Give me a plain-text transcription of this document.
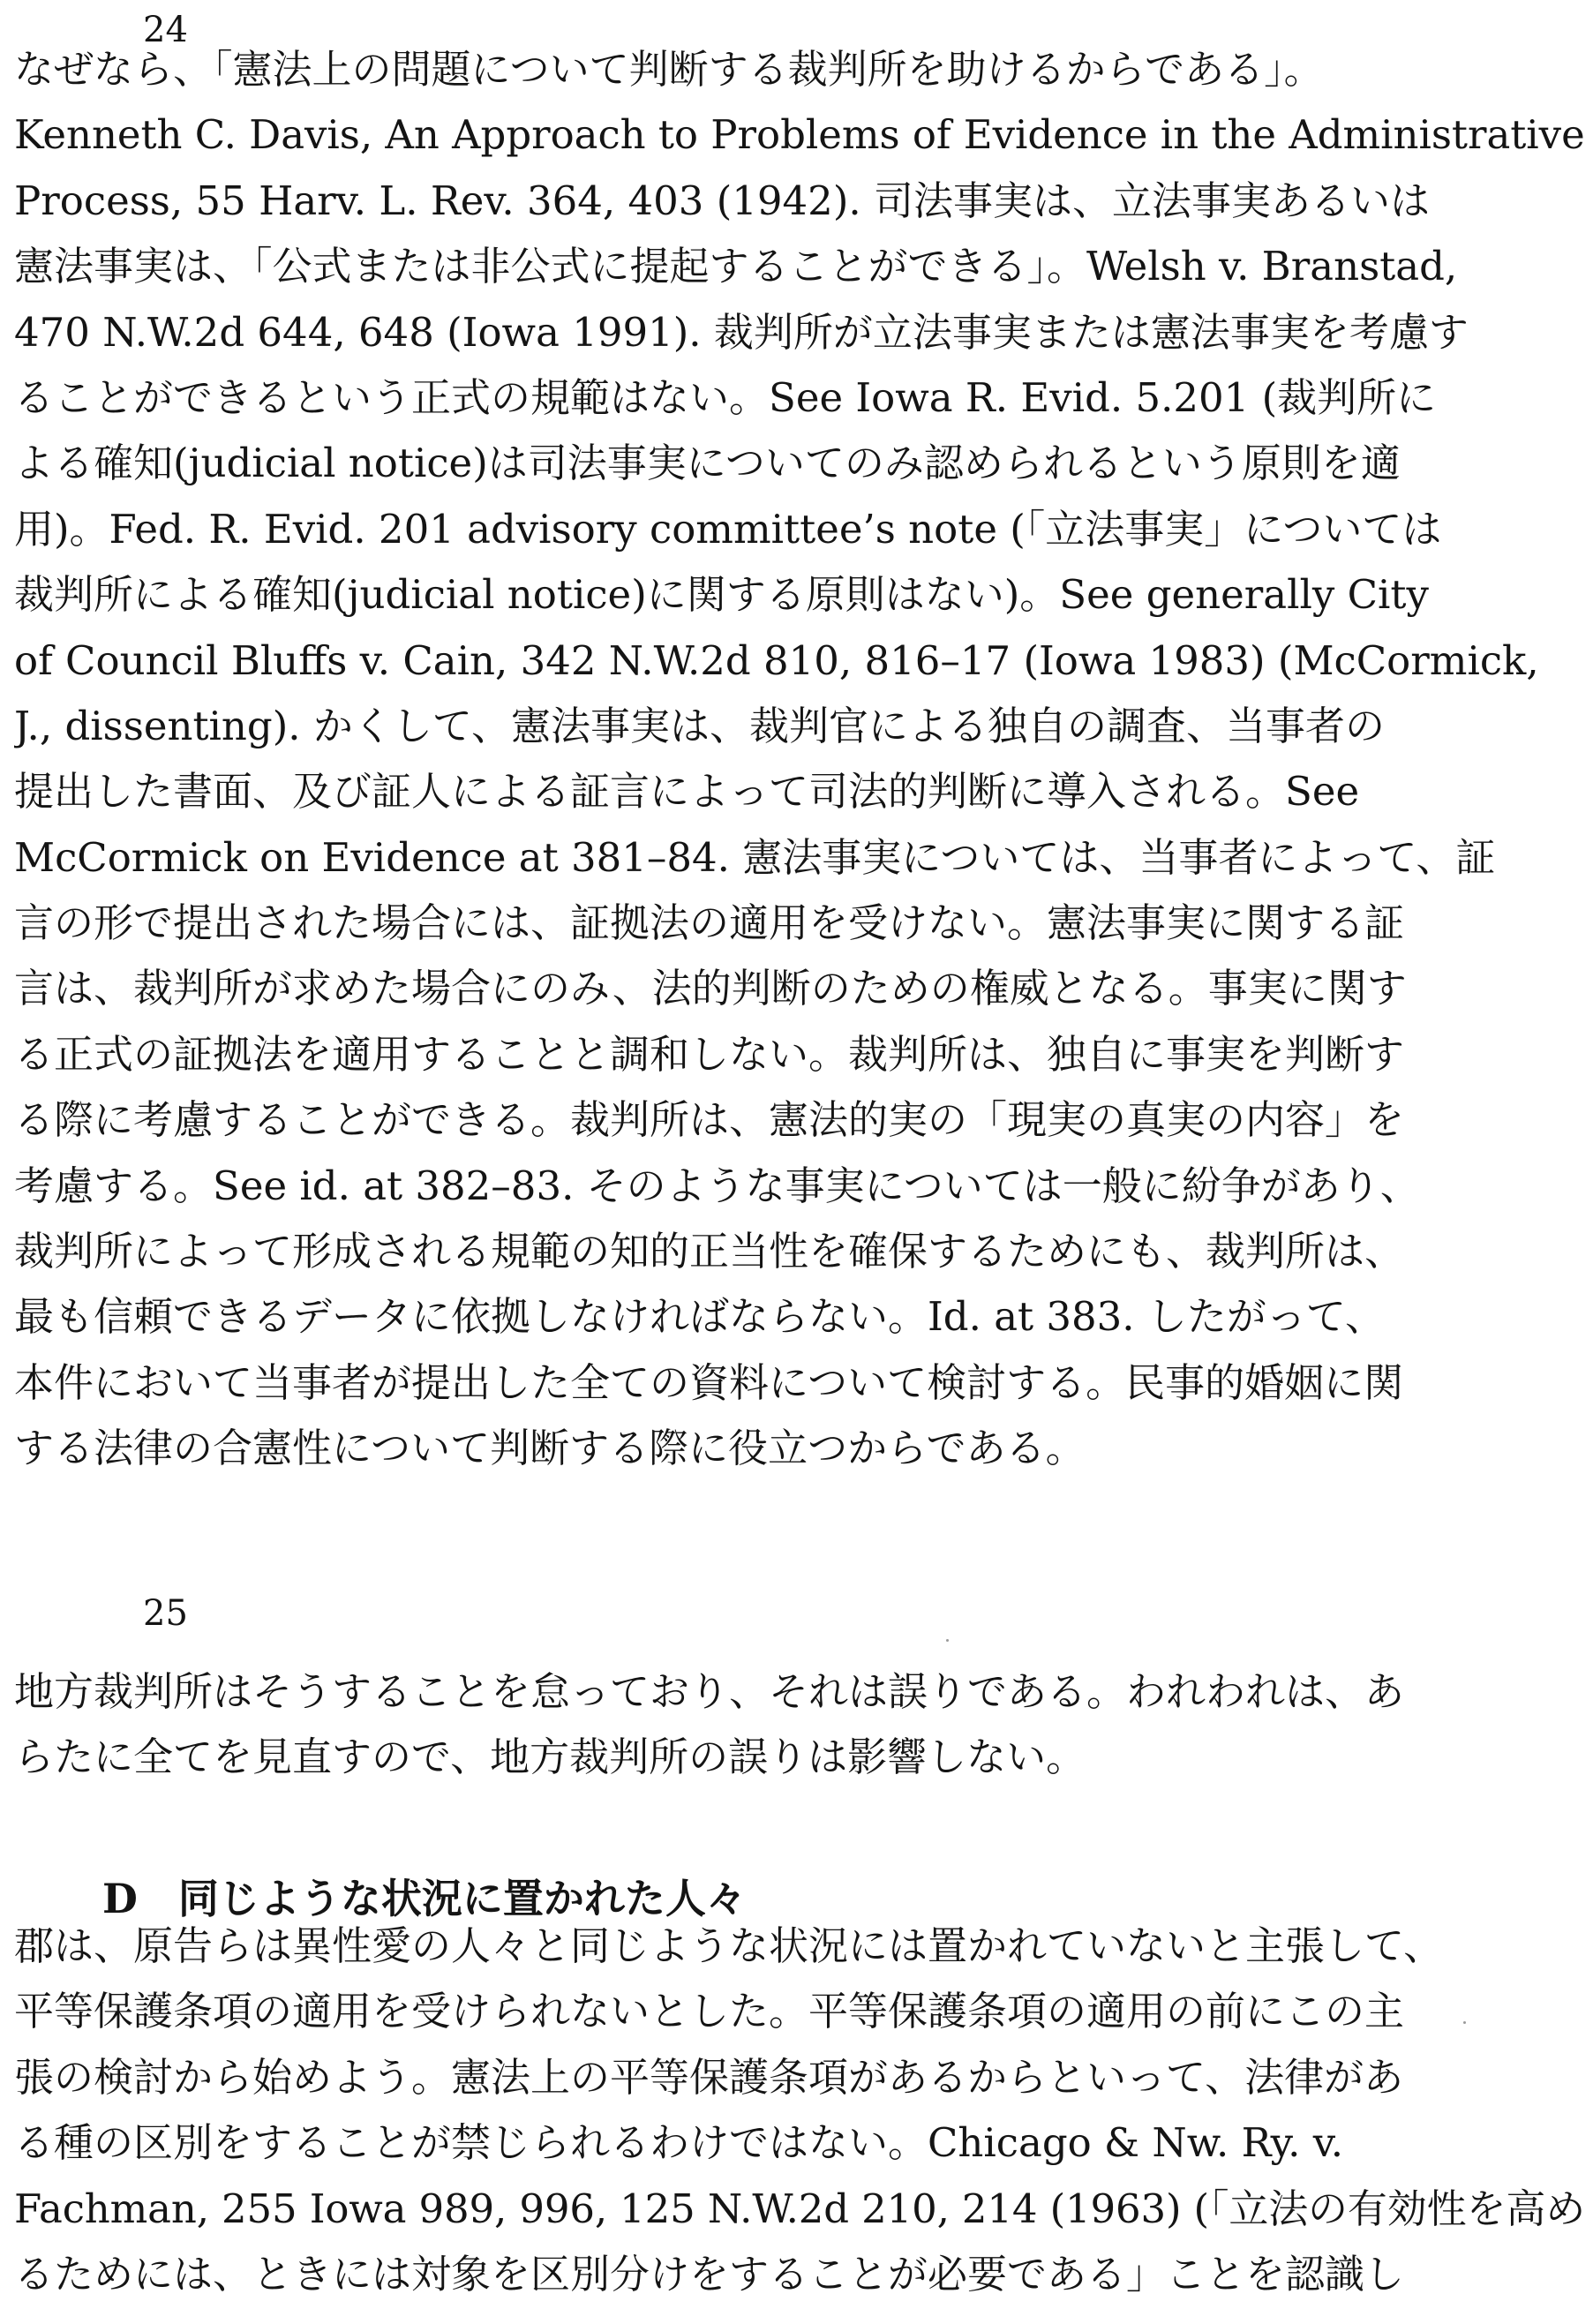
24
なぜなら、「憲法上の問題について判断する裁判所を助けるからである」。
Kenneth C. Davis, An Approach to Problems of Evidence in the Administrative
Process, 55 Harv. L. Rev. 364, 403 (1942). 司法事実は、立法事実あるいは
憲法事実は、「公式または非公式に提起することができる」。Welsh v. Branstad,
470 N.W.2d 644, 648 (Iowa 1991). 裁判所が立法事実または憲法事実を考慮す
ることができるという正式の規範はない。See Iowa R. Evid. 5.201 (裁判所に
よる確知(judicial notice)は司法事実についてのみ認められるという原則を適
用)。Fed. R. Evid. 201 advisory committee’s note (「立法事実」については
裁判所による確知(judicial notice)に関する原則はない)。See generally City
of Council Bluffs v. Cain, 342 N.W.2d 810, 816–17 (Iowa 1983) (McCormick,
J., dissenting). かくして、憲法事実は、裁判官による独自の調査、当事者の
提出した書面、及び証人による証言によって司法的判断に導入される。See
McCormick on Evidence at 381–84. 憲法事実については、当事者によって、証
言の形で提出された場合には、証拠法の適用を受けない。憲法事実に関する証
言は、裁判所が求めた場合にのみ、法的判断のための権威となる。事実に関す
る正式の証拠法を適用することと調和しない。裁判所は、独自に事実を判断す
る際に考慮することができる。裁判所は、憲法的実の「現実の真実の内容」を
考慮する。See id. at 382–83. そのような事実については一般に紛争があり、
裁判所によって形成される規範の知的正当性を確保するためにも、裁判所は、
最も信頼できるデータに依拠しなければならない。Id. at 383. したがって、
本件において当事者が提出した全ての資料について検討する。民事的婚姻に関
する法律の合憲性について判断する際に役立つからである。
25
地方裁判所はそうすることを怠っており、それは誤りである。われわれは、あ
らたに全てを見直すので、地方裁判所の誤りは影響しない。
D　同じような状況に置かれた人々
郡は、原告らは異性愛の人々と同じような状況には置かれていないと主張して、
平等保護条項の適用を受けられないとした。平等保護条項の適用の前にこの主
張の検討から始めよう。憲法上の平等保護条項があるからといって、法律があ
る種の区別をすることが禁じられるわけではない。Chicago & Nw. Ry. v.
Fachman, 255 Iowa 989, 996, 125 N.W.2d 210, 214 (1963) (「立法の有効性を高め
るためには、ときには対象を区別分けをすることが必要である」ことを認識し
